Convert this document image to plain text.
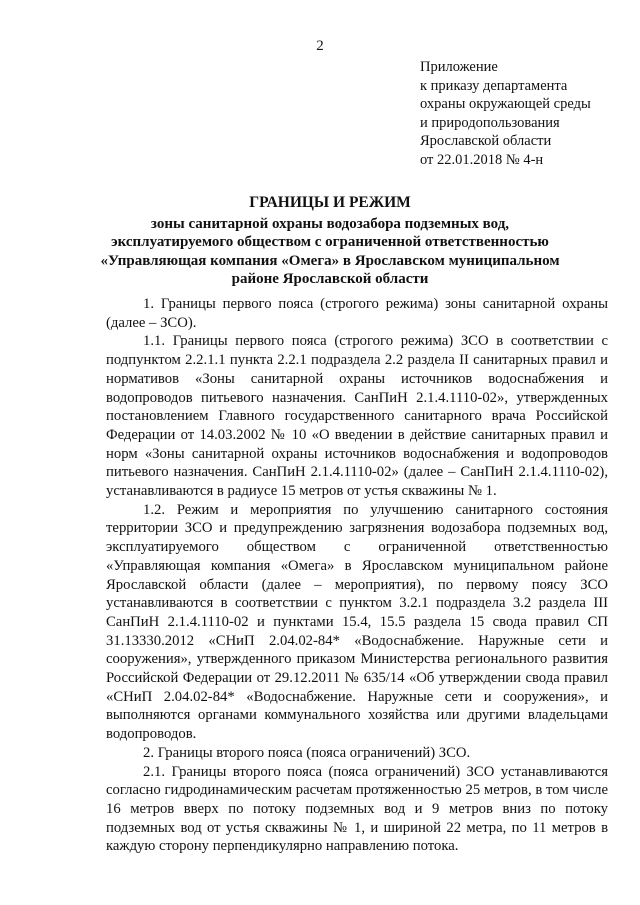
2
Приложение
к приказу департамента
охраны окружающей среды
и природопользования
Ярославской области
от 22.01.2018 № 4-н
ГРАНИЦЫ И РЕЖИМ
зоны санитарной охраны водозабора подземных вод,
эксплуатируемого обществом с ограниченной ответственностью
«Управляющая компания «Омега» в Ярославском муниципальном
районе Ярославской области

1. Границы первого пояса (строгого режима) зоны санитарной охраны (далее – ЗСО).

1.1. Границы первого пояса (строгого режима) ЗСО в соответствии с подпунктом 2.2.1.1 пункта 2.2.1 подраздела 2.2 раздела II санитарных правил и нормативов «Зоны санитарной охраны источников водоснабжения и водопроводов питьевого назначения. СанПиН 2.1.4.1110-02», утвержденных постановлением Главного государственного санитарного врача Российской Федерации от 14.03.2002 № 10 «О введении в действие санитарных правил и норм «Зоны санитарной охраны источников водоснабжения и водопроводов питьевого назначения. СанПиН 2.1.4.1110-02» (далее – СанПиН 2.1.4.1110-02), устанавливаются в радиусе 15 метров от устья скважины № 1.

1.2. Режим и мероприятия по улучшению санитарного состояния территории ЗСО и предупреждению загрязнения водозабора подземных вод, эксплуатируемого обществом с ограниченной ответственностью «Управляющая компания «Омега» в Ярославском муниципальном районе Ярославской области (далее – мероприятия), по первому поясу ЗСО устанавливаются в соответствии с пунктом 3.2.1 подраздела 3.2 раздела III СанПиН 2.1.4.1110-02 и пунктами 15.4, 15.5 раздела 15 свода правил СП 31.13330.2012 «СНиП 2.04.02-84* «Водоснабжение. Наружные сети и сооружения», утвержденного приказом Министерства регионального развития Российской Федерации от 29.12.2011 № 635/14 «Об утверждении свода правил «СНиП 2.04.02-84* «Водоснабжение. Наружные сети и сооружения», и выполняются органами коммунального хозяйства или другими владельцами водопроводов.

2. Границы второго пояса (пояса ограничений) ЗСО.

2.1. Границы второго пояса (пояса ограничений) ЗСО устанавливаются согласно гидродинамическим расчетам протяженностью 25 метров, в том числе 16 метров вверх по потоку подземных вод и 9 метров вниз по потоку подземных вод от устья скважины № 1, и шириной 22 метра, по 11 метров в каждую сторону перпендикулярно направлению потока.
